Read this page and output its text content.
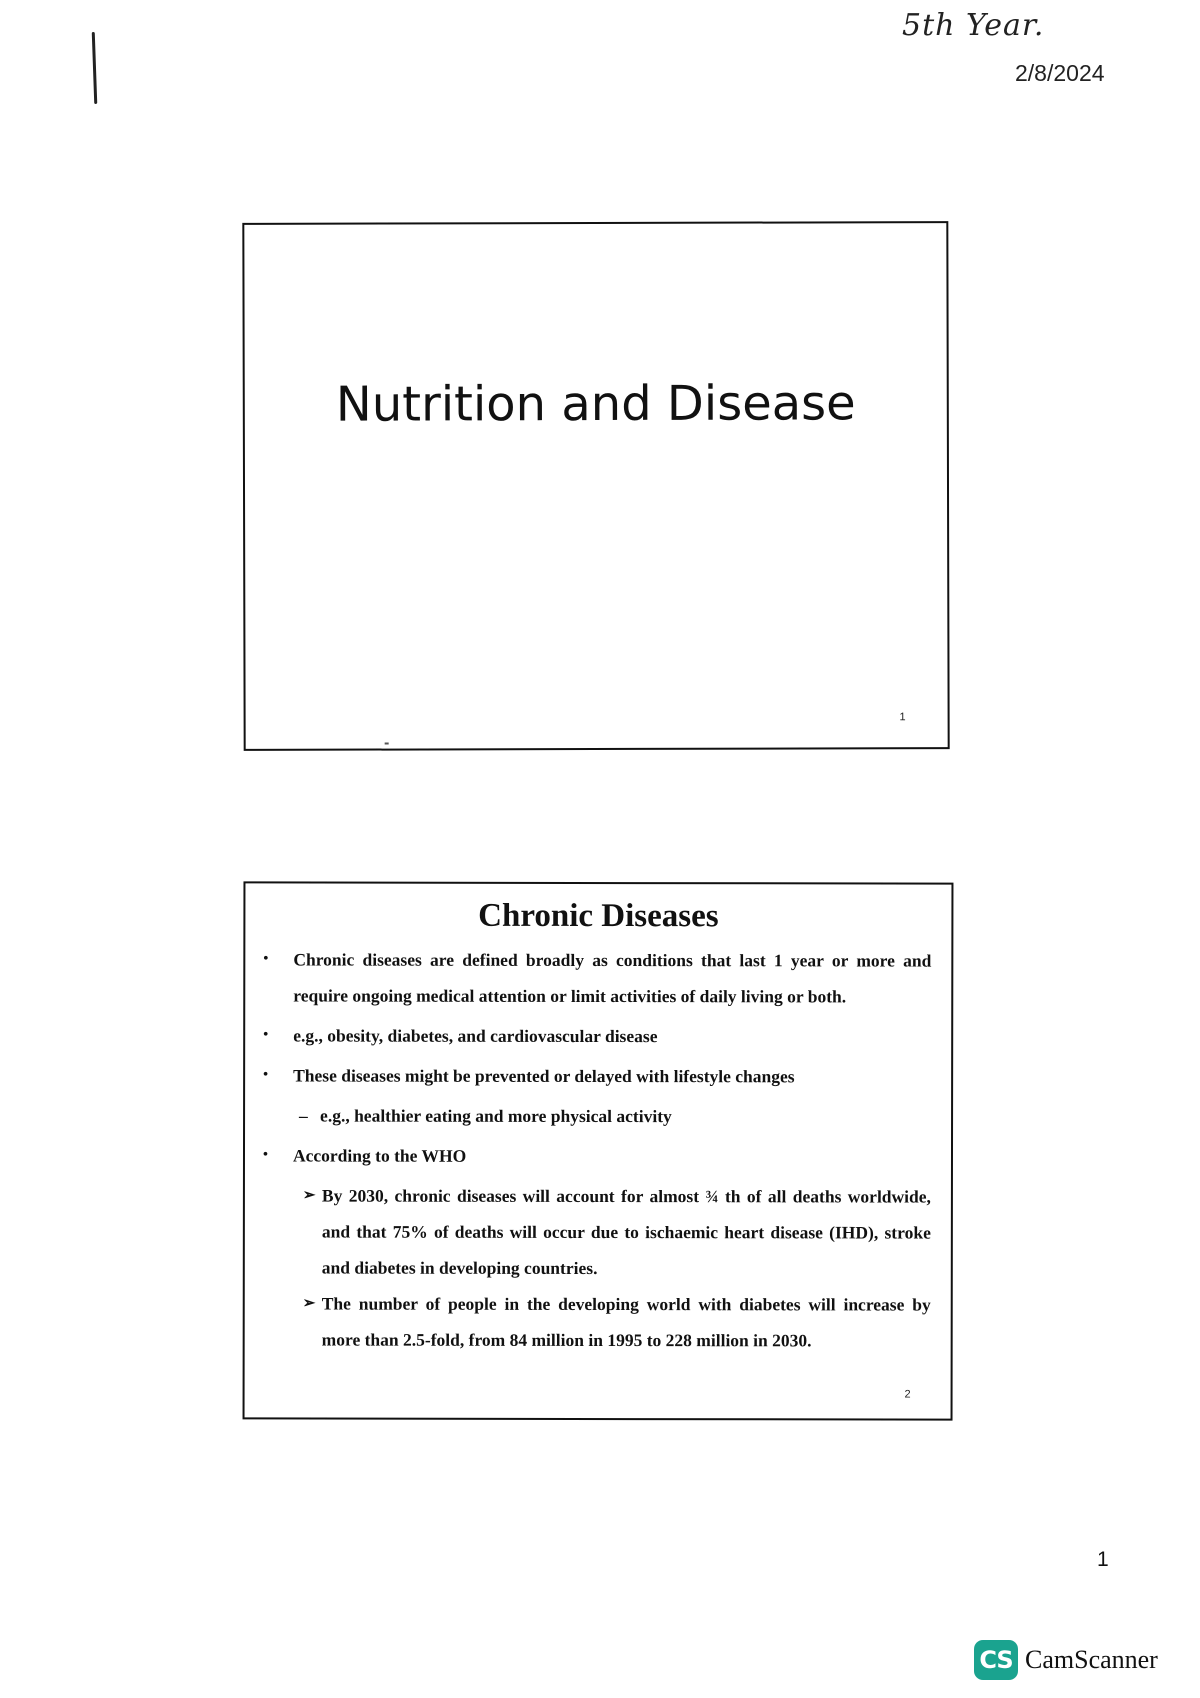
5th Year.
2/8/2024
Nutrition and Disease
1
Chronic Diseases
• Chronic diseases are defined broadly as conditions that last 1 year or more and require ongoing medical attention or limit activities of daily living or both.
• e.g., obesity, diabetes, and cardiovascular disease
• These diseases might be prevented or delayed with lifestyle changes
– e.g., healthier eating and more physical activity
• According to the WHO
➢ By 2030, chronic diseases will account for almost ¾ th of all deaths worldwide, and that 75% of deaths will occur due to ischaemic heart disease (IHD), stroke and diabetes in developing countries.
➢ The number of people in the developing world with diabetes will increase by more than 2.5-fold, from 84 million in 1995 to 228 million in 2030.
2
1
CS CamScanner
